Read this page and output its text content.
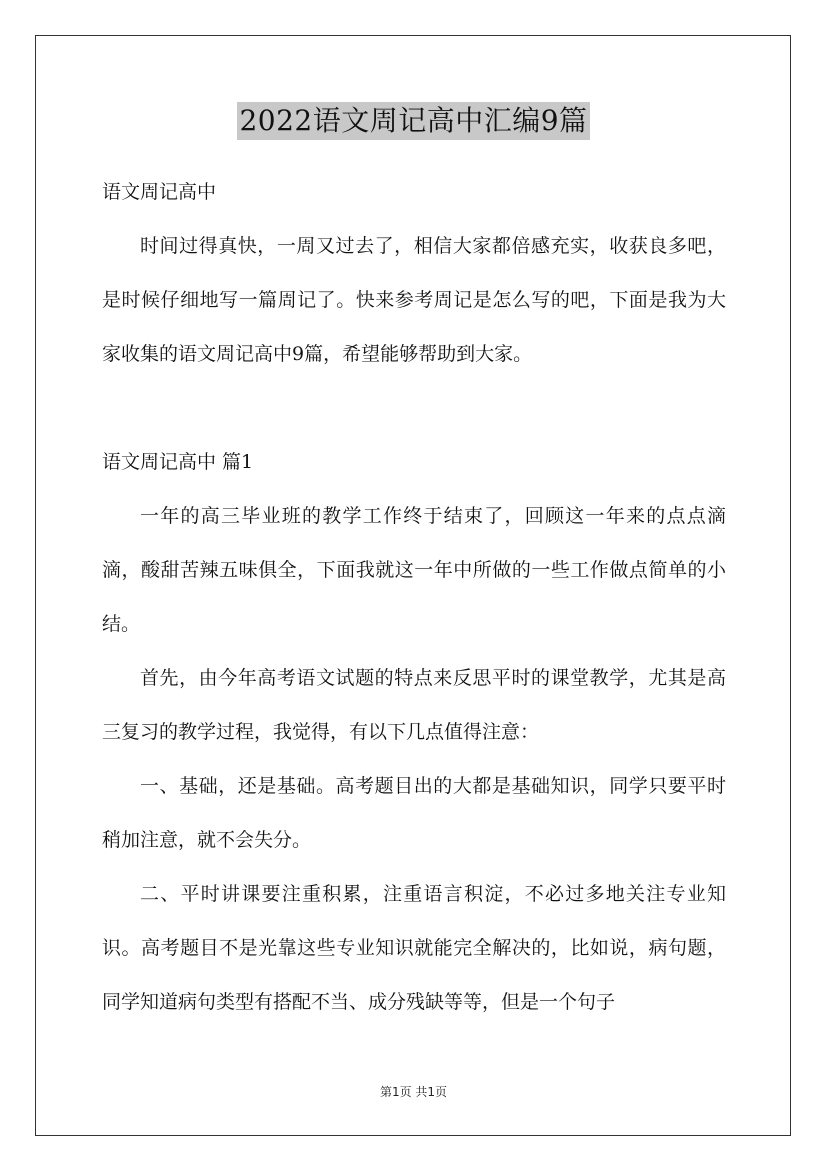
2022语文周记高中汇编9篇

语文周记高中

时间过得真快，一周又过去了，相信大家都倍感充实，收获良多吧，是时候仔细地写一篇周记了。快来参考周记是怎么写的吧，下面是我为大家收集的语文周记高中9篇，希望能够帮助到大家。

语文周记高中 篇1

一年的高三毕业班的教学工作终于结束了，回顾这一年来的点点滴滴，酸甜苦辣五味俱全，下面我就这一年中所做的一些工作做点简单的小结。

首先，由今年高考语文试题的特点来反思平时的课堂教学，尤其是高三复习的教学过程，我觉得，有以下几点值得注意：

一、基础，还是基础。高考题目出的大都是基础知识，同学只要平时稍加注意，就不会失分。

二、平时讲课要注重积累，注重语言积淀，不必过多地关注专业知识。高考题目不是光靠这些专业知识就能完全解决的，比如说，病句题，同学知道病句类型有搭配不当、成分残缺等等，但是一个句子

第1页 共1页
